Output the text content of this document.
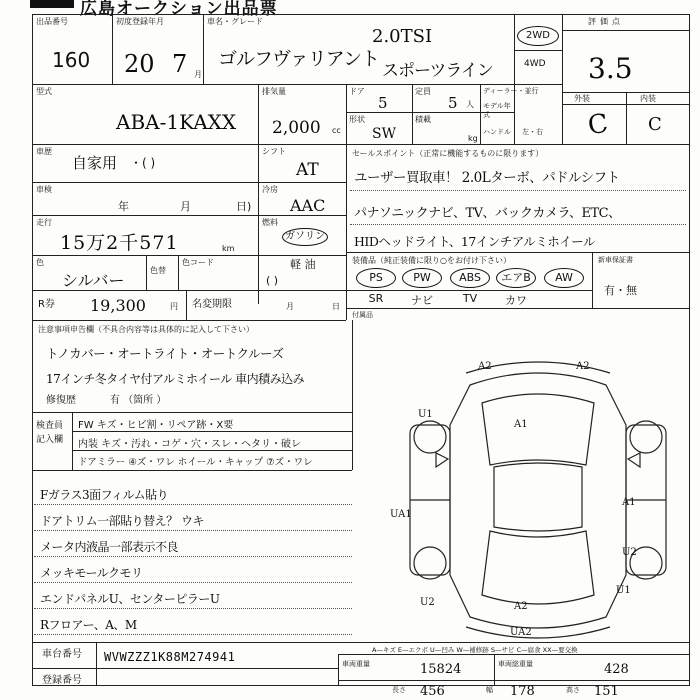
広島オークション出品票
出品番号
160
初度登録年月
20 7 月
車名・グレード
ゴルフヴァリアント
2.0TSI
スポーツライン
2WD
4WD
評価点
3.5
外装	内装
C C
型式
ABA-1KAXX
排気量
2,000 cc
ドア
5
定員
5 人
ディーラー・並行
モデル年式
形状
SW
積載
kg
ハンドル 左・右
車歴
自家用 ・( )
シフト
AT
車検
年	月	日)
冷房
AAC
走行
15万2千571	km
燃料
ガソリン
軽 油
( )
色
シルバー
色替
色コード
R券 19,300	円 名変期限	月	日
セールスポイント（正常に機能するものに限ります）
ユーザー買取車！ 2.0Lターボ、パドルシフト
パナソニックナビ、TV、バックカメラ、ETC、
HIDヘッドライト、17インチアルミホイール
装備品（純正装備に限り○をお付け下さい）	新車保証書
有・無
PS	PW	ABS	エアB	AW
SR	ナビ	TV	カワ
付属品
注意事項申告欄（不具合内容等は具体的に記入して下さい）
トノカバー・オートライト・オートクルーズ
17インチ冬タイヤ付アルミホイール 車内積み込み
修復歴	有 （箇所 ）
検査員
記入欄
FW キズ・ヒビ割・リペア跡・X要
内装 キズ・汚れ・コゲ・穴・スレ・ヘタリ・破レ
ドアミラー ④ズ・ワレ ホイール・キャップ ⑦ズ・ワレ
Fガラス3面フィルム貼り
ドアトリム一部貼り替え？ ウキ
メータ内液晶一部表示不良
メッキモールクモリ
エンドパネルU、センターピラーU
Rフロアー、A、M
A2	A2
A1
U1
A1
UA1
U2
U2	A2
UA2
U1
A—キズ E—エクボ U—凹み W—補修跡 S—サビ C—腐食 XX—要交換
車台番号 WVWZZZ1K88M274941
登録番号
車両重量	15824	車両総重量	428
長さ 456	幅 178	高さ 151
